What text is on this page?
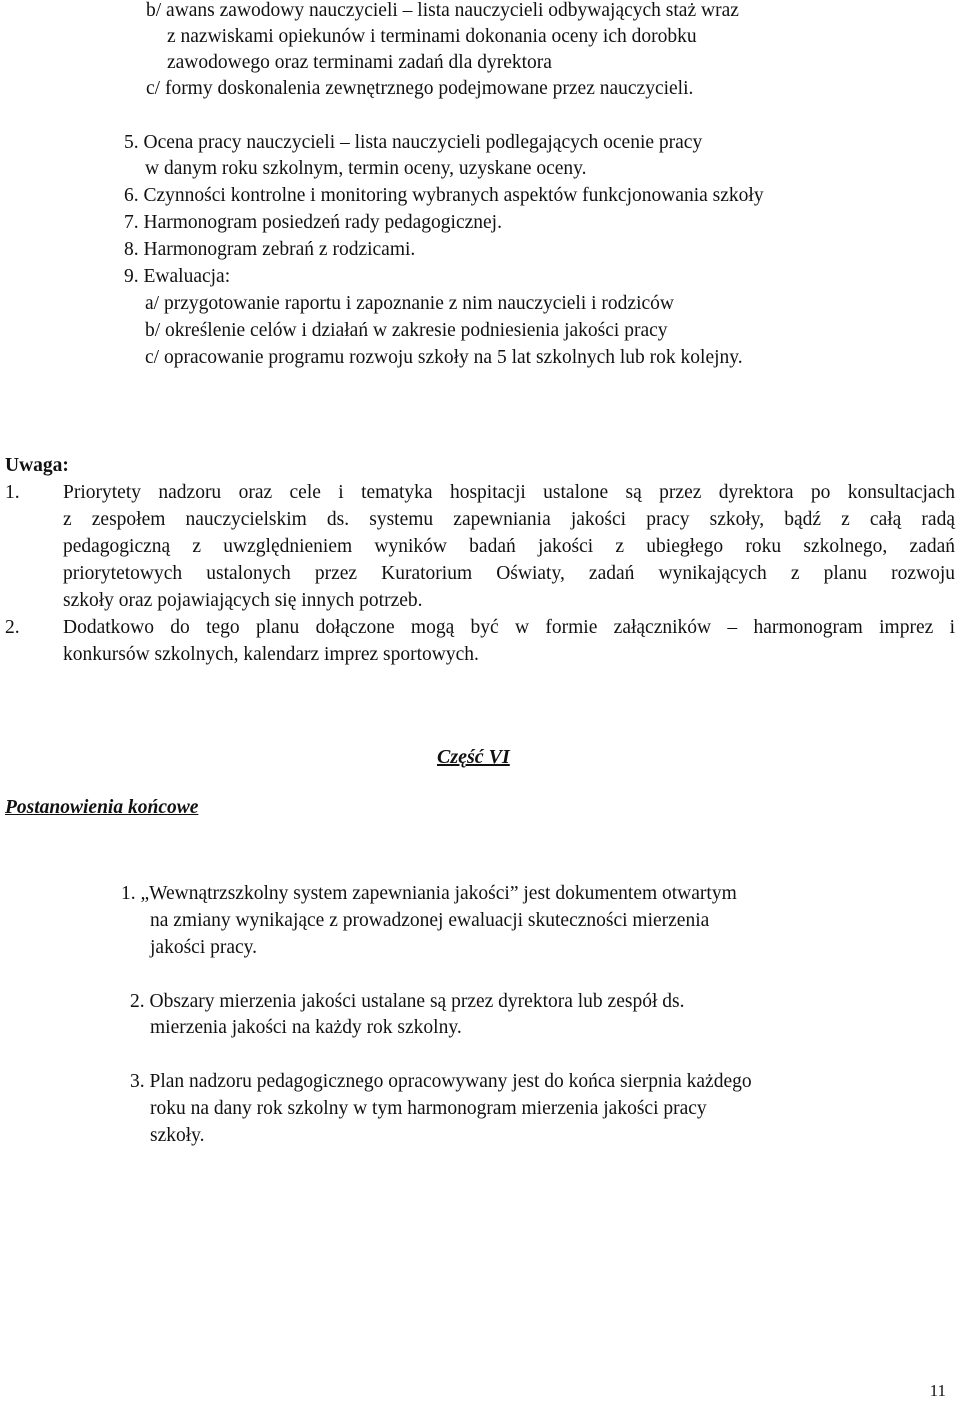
b/ awans zawodowy nauczycieli – lista nauczycieli odbywających staż wraz

z nazwiskami opiekunów i terminami dokonania oceny ich dorobku

zawodowego oraz terminami zadań dla dyrektora

c/ formy doskonalenia zewnętrznego podejmowane przez nauczycieli.

5. Ocena pracy nauczycieli – lista nauczycieli podlegających ocenie pracy

w danym roku szkolnym, termin oceny, uzyskane oceny.

6. Czynności kontrolne i monitoring wybranych aspektów funkcjonowania szkoły

7. Harmonogram posiedzeń rady pedagogicznej.

8. Harmonogram zebrań z rodzicami.

9. Ewaluacja:

a/ przygotowanie raportu i zapoznanie z nim nauczycieli i rodziców

b/ określenie celów i działań w zakresie podniesienia jakości pracy

c/ opracowanie programu rozwoju szkoły na 5 lat szkolnych lub rok kolejny.

Uwaga:

1. Priorytety nadzoru oraz cele i tematyka hospitacji ustalone są przez dyrektora po konsultacjach
z zespołem nauczycielskim ds. systemu zapewniania jakości pracy szkoły, bądź z całą radą
pedagogiczną z uwzględnieniem wyników badań jakości z ubiegłego roku szkolnego, zadań
priorytetowych ustalonych przez Kuratorium Oświaty, zadań wynikających z planu rozwoju

szkoły oraz pojawiających się innych potrzeb.

2. Dodatkowo do tego planu dołączone mogą być w formie załączników – harmonogram imprez i

konkursów szkolnych, kalendarz imprez sportowych.

Część VI

Postanowienia końcowe

1. „Wewnątrzszkolny system zapewniania jakości” jest dokumentem otwartym

na zmiany wynikające z prowadzonej ewaluacji skuteczności mierzenia

jakości pracy.

2. Obszary mierzenia jakości ustalane są przez dyrektora lub zespół ds.

mierzenia jakości na każdy rok szkolny.

3. Plan nadzoru pedagogicznego opracowywany jest do końca sierpnia każdego

roku na dany rok szkolny w tym harmonogram mierzenia jakości pracy

szkoły.

11
